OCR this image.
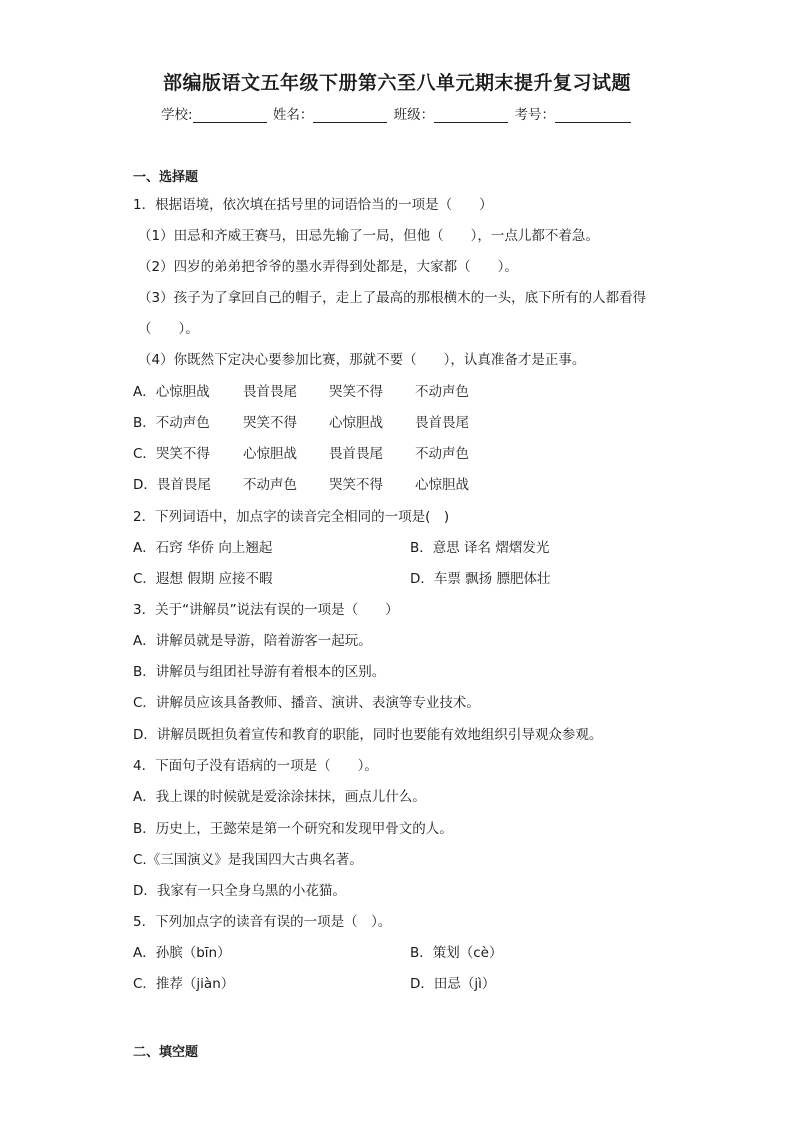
部编版语文五年级下册第六至八单元期末提升复习试题
学校:	姓名：	班级：	考号：
一、选择题
1．根据语境，依次填在括号里的词语恰当的一项是（　　）
（1）田忌和齐威王赛马，田忌先输了一局，但他（　　），一点儿都不着急。
（2）四岁的弟弟把爷爷的墨水弄得到处都是，大家都（　　）。
（3）孩子为了拿回自己的帽子，走上了最高的那根横木的一头，底下所有的人都看得
（　　）。
（4）你既然下定决心要参加比赛，那就不要（　　），认真准备才是正事。
A．心惊胆战 畏首畏尾 哭笑不得 不动声色
B．不动声色 哭笑不得 心惊胆战 畏首畏尾
C．哭笑不得 心惊胆战 畏首畏尾 不动声色
D．畏首畏尾 不动声色 哭笑不得 心惊胆战
2．下列词语中，加点字的读音完全相同的一项是(　)
A．石窍 华侨 向上翘起	B．意思 译名 熠熠发光
C．遐想 假期 应接不暇	D．车票 飘扬 膘肥体壮
3．关于“讲解员”说法有误的一项是（　　）
A．讲解员就是导游，陪着游客一起玩。
B．讲解员与组团社导游有着根本的区别。
C．讲解员应该具备教师、播音、演讲、表演等专业技术。
D．讲解员既担负着宣传和教育的职能，同时也要能有效地组织引导观众参观。
4．下面句子没有语病的一项是（　　）。
A．我上课的时候就是爱涂涂抹抹，画点儿什么。
B．历史上，王懿荣是第一个研究和发现甲骨文的人。
C.《三国演义》是我国四大古典名著。
D．我家有一只全身乌黑的小花猫。
5．下列加点字的读音有误的一项是（　）。
A．孙膑（bīn）	B．策划（cè）
C．推荐（jiàn）	D．田忌（jì）
二、填空题
